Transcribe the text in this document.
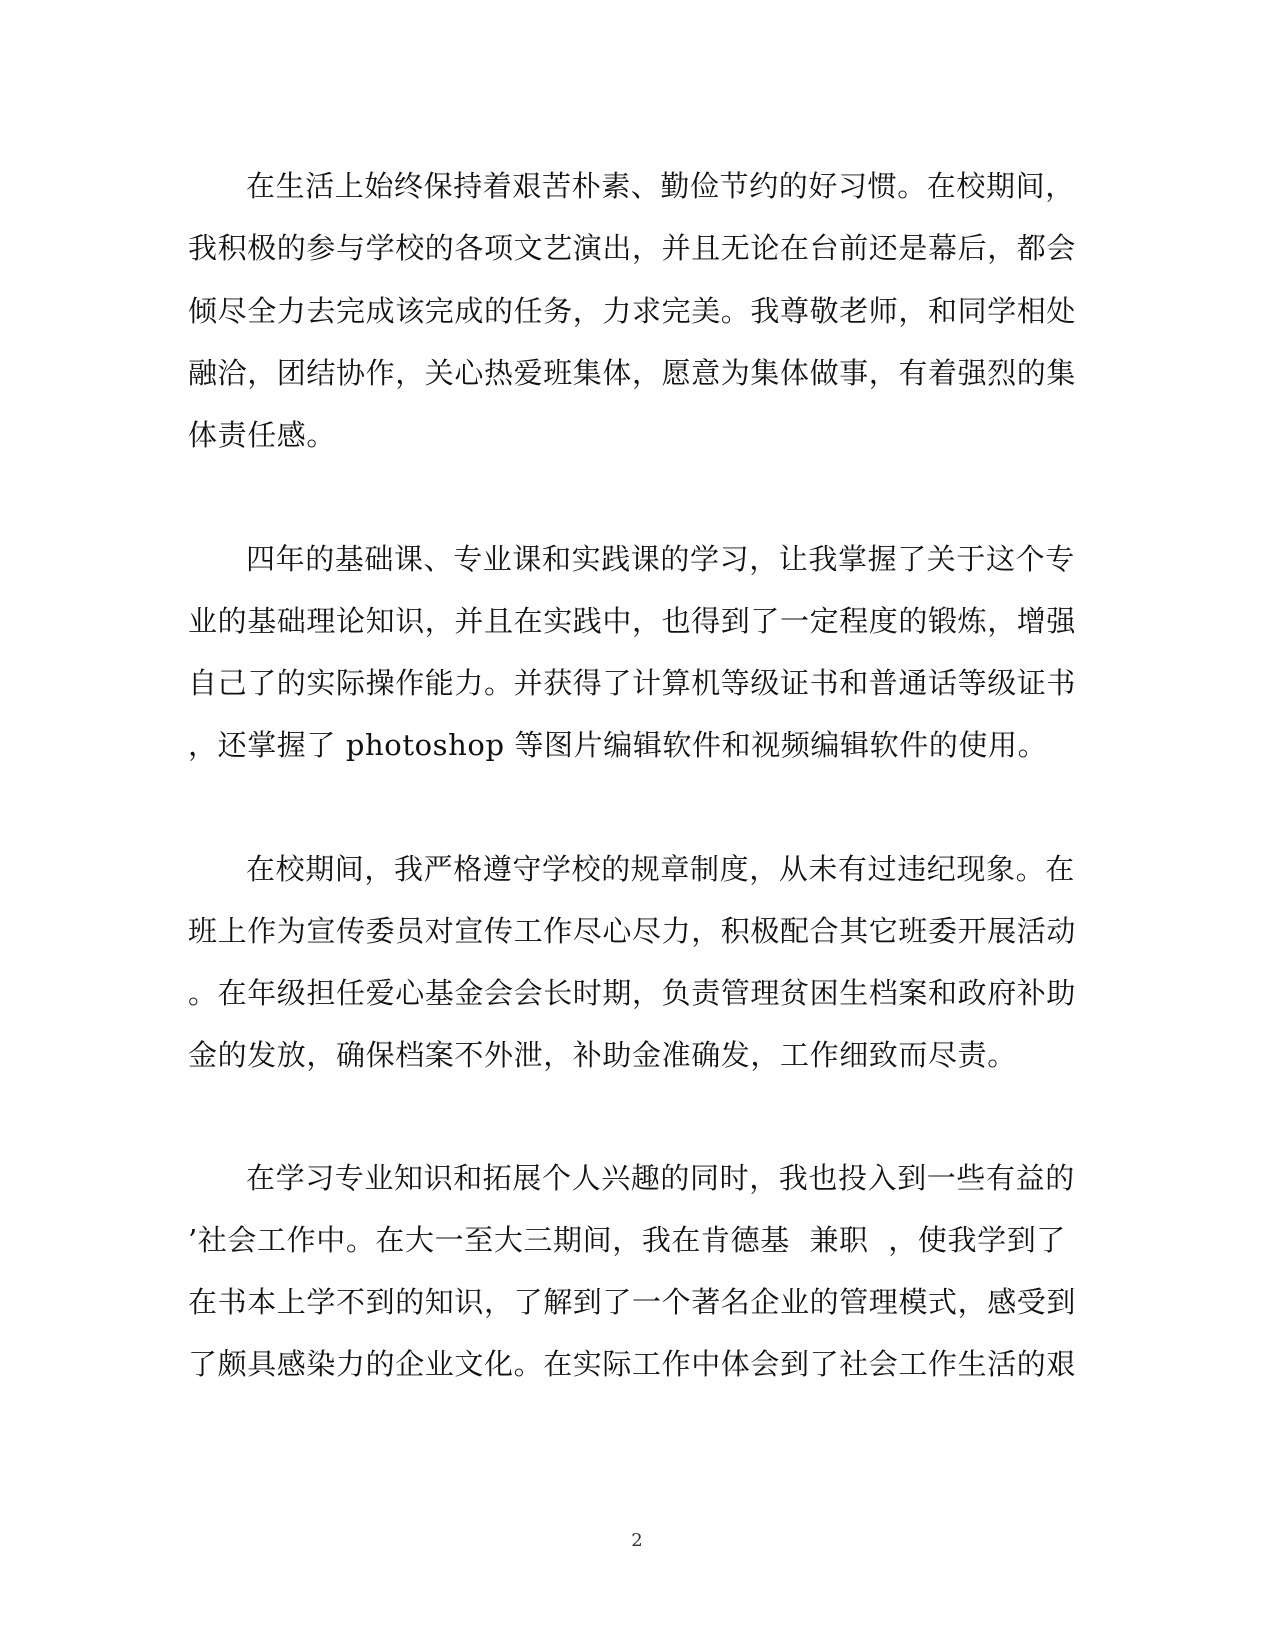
在生活上始终保持着艰苦朴素、勤俭节约的好习惯。在校期间，
我积极的参与学校的各项文艺演出，并且无论在台前还是幕后，都会
倾尽全力去完成该完成的任务，力求完美。我尊敬老师，和同学相处
融洽，团结协作，关心热爱班集体，愿意为集体做事，有着强烈的集
体责任感。
四年的基础课、专业课和实践课的学习，让我掌握了关于这个专
业的基础理论知识，并且在实践中，也得到了一定程度的锻炼，增强
自己了的实际操作能力。并获得了计算机等级证书和普通话等级证书
，还掌握了 photoshop 等图片编辑软件和视频编辑软件的使用。
在校期间，我严格遵守学校的规章制度，从未有过违纪现象。在
班上作为宣传委员对宣传工作尽心尽力，积极配合其它班委开展活动
。在年级担任爱心基金会会长时期，负责管理贫困生档案和政府补助
金的发放，确保档案不外泄，补助金准确发，工作细致而尽责。
在学习专业知识和拓展个人兴趣的同时，我也投入到一些有益的
’社会工作中。在大一至大三期间，我在肯德基  兼职  ，使我学到了
在书本上学不到的知识，了解到了一个著名企业的管理模式，感受到
了颇具感染力的企业文化。在实际工作中体会到了社会工作生活的艰
2
